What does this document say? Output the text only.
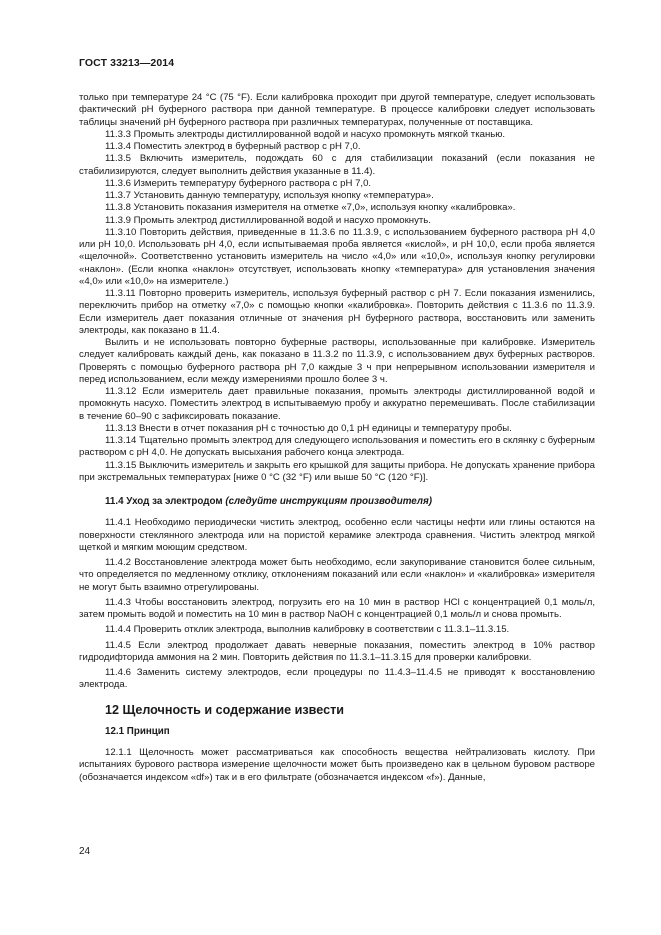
ГОСТ 33213—2014

только при температуре 24 °С (75 °F). Если калибровка проходит при другой температуре, следует использовать фактический pH буферного раствора при данной температуре. В процессе калибровки следует использовать таблицы значений pH буферного раствора при различных температурах, полученные от поставщика.

11.3.3 Промыть электроды дистиллированной водой и насухо промокнуть мягкой тканью.

11.3.4 Поместить электрод в буферный раствор с pH 7,0.

11.3.5 Включить измеритель, подождать 60 с для стабилизации показаний (если показания не стабилизируются, следует выполнить действия указанные в 11.4).

11.3.6 Измерить температуру буферного раствора с pH 7,0.

11.3.7 Установить данную температуру, используя кнопку «температура».

11.3.8 Установить показания измерителя на отметке «7,0», используя кнопку «калибровка».

11.3.9 Промыть электрод дистиллированной водой и насухо промокнуть.

11.3.10 Повторить действия, приведенные в 11.3.6 по 11.3.9, с использованием буферного раствора pH 4,0 или pH 10,0. Использовать pH 4,0, если испытываемая проба является «кислой», и pH 10,0, если проба является «щелочной». Соответственно установить измеритель на число «4,0» или «10,0», используя кнопку регулировки «наклон». (Если кнопка «наклон» отсутствует, использовать кнопку «температура» для установления значения «4,0» или «10,0» на измерителе.)

11.3.11 Повторно проверить измеритель, используя буферный раствор с pH 7. Если показания изменились, переключить прибор на отметку «7,0» с помощью кнопки «калибровка». Повторить действия с 11.3.6 по 11.3.9. Если измеритель дает показания отличные от значения pH буферного раствора, восстановить или заменить электроды, как показано в 11.4.

Вылить и не использовать повторно буферные растворы, использованные при калибровке. Измеритель следует калибровать каждый день, как показано в 11.3.2 по 11.3.9, с использованием двух буферных растворов. Проверять с помощью буферного раствора pH 7,0 каждые 3 ч при непрерывном использовании измерителя и перед использованием, если между измерениями прошло более 3 ч.

11.3.12 Если измеритель дает правильные показания, промыть электроды дистиллированной водой и промокнуть насухо. Поместить электрод в испытываемую пробу и аккуратно перемешивать. После стабилизации в течение 60–90 с зафиксировать показание.

11.3.13 Внести в отчет показания pH с точностью до 0,1 pH единицы и температуру пробы.

11.3.14 Тщательно промыть электрод для следующего использования и поместить его в склянку с буферным раствором с pH 4,0. Не допускать высыхания рабочего конца электрода.

11.3.15 Выключить измеритель и закрыть его крышкой для защиты прибора. Не допускать хранение прибора при экстремальных температурах [ниже 0 °С (32 °F) или выше 50 °С (120 °F)].

11.4 Уход за электродом (следуйте инструкциям производителя)

11.4.1 Необходимо периодически чистить электрод, особенно если частицы нефти или глины остаются на поверхности стеклянного электрода или на пористой керамике электрода сравнения. Чистить электрод мягкой щеткой и мягким моющим средством.

11.4.2 Восстановление электрода может быть необходимо, если закупоривание становится более сильным, что определяется по медленному отклику, отклонениям показаний или если «наклон» и «калибровка» измерителя не могут быть взаимно отрегулированы.

11.4.3 Чтобы восстановить электрод, погрузить его на 10 мин в раствор HCl с концентрацией 0,1 моль/л, затем промыть водой и поместить на 10 мин в раствор NaOH с концентрацией 0,1 моль/л и снова промыть.

11.4.4 Проверить отклик электрода, выполнив калибровку в соответствии с 11.3.1–11.3.15.

11.4.5 Если электрод продолжает давать неверные показания, поместить электрод в 10% раствор гидродифторида аммония на 2 мин. Повторить действия по 11.3.1–11.3.15 для проверки калибровки.

11.4.6 Заменить систему электродов, если процедуры по 11.4.3–11.4.5 не приводят к восстановлению электрода.

12 Щелочность и содержание извести
12.1 Принцип

12.1.1 Щелочность может рассматриваться как способность вещества нейтрализовать кислоту. При испытаниях бурового раствора измерение щелочности может быть произведено как в цельном буровом растворе (обозначается индексом «df») так и в его фильтрате (обозначается индексом «f»). Данные,

24
